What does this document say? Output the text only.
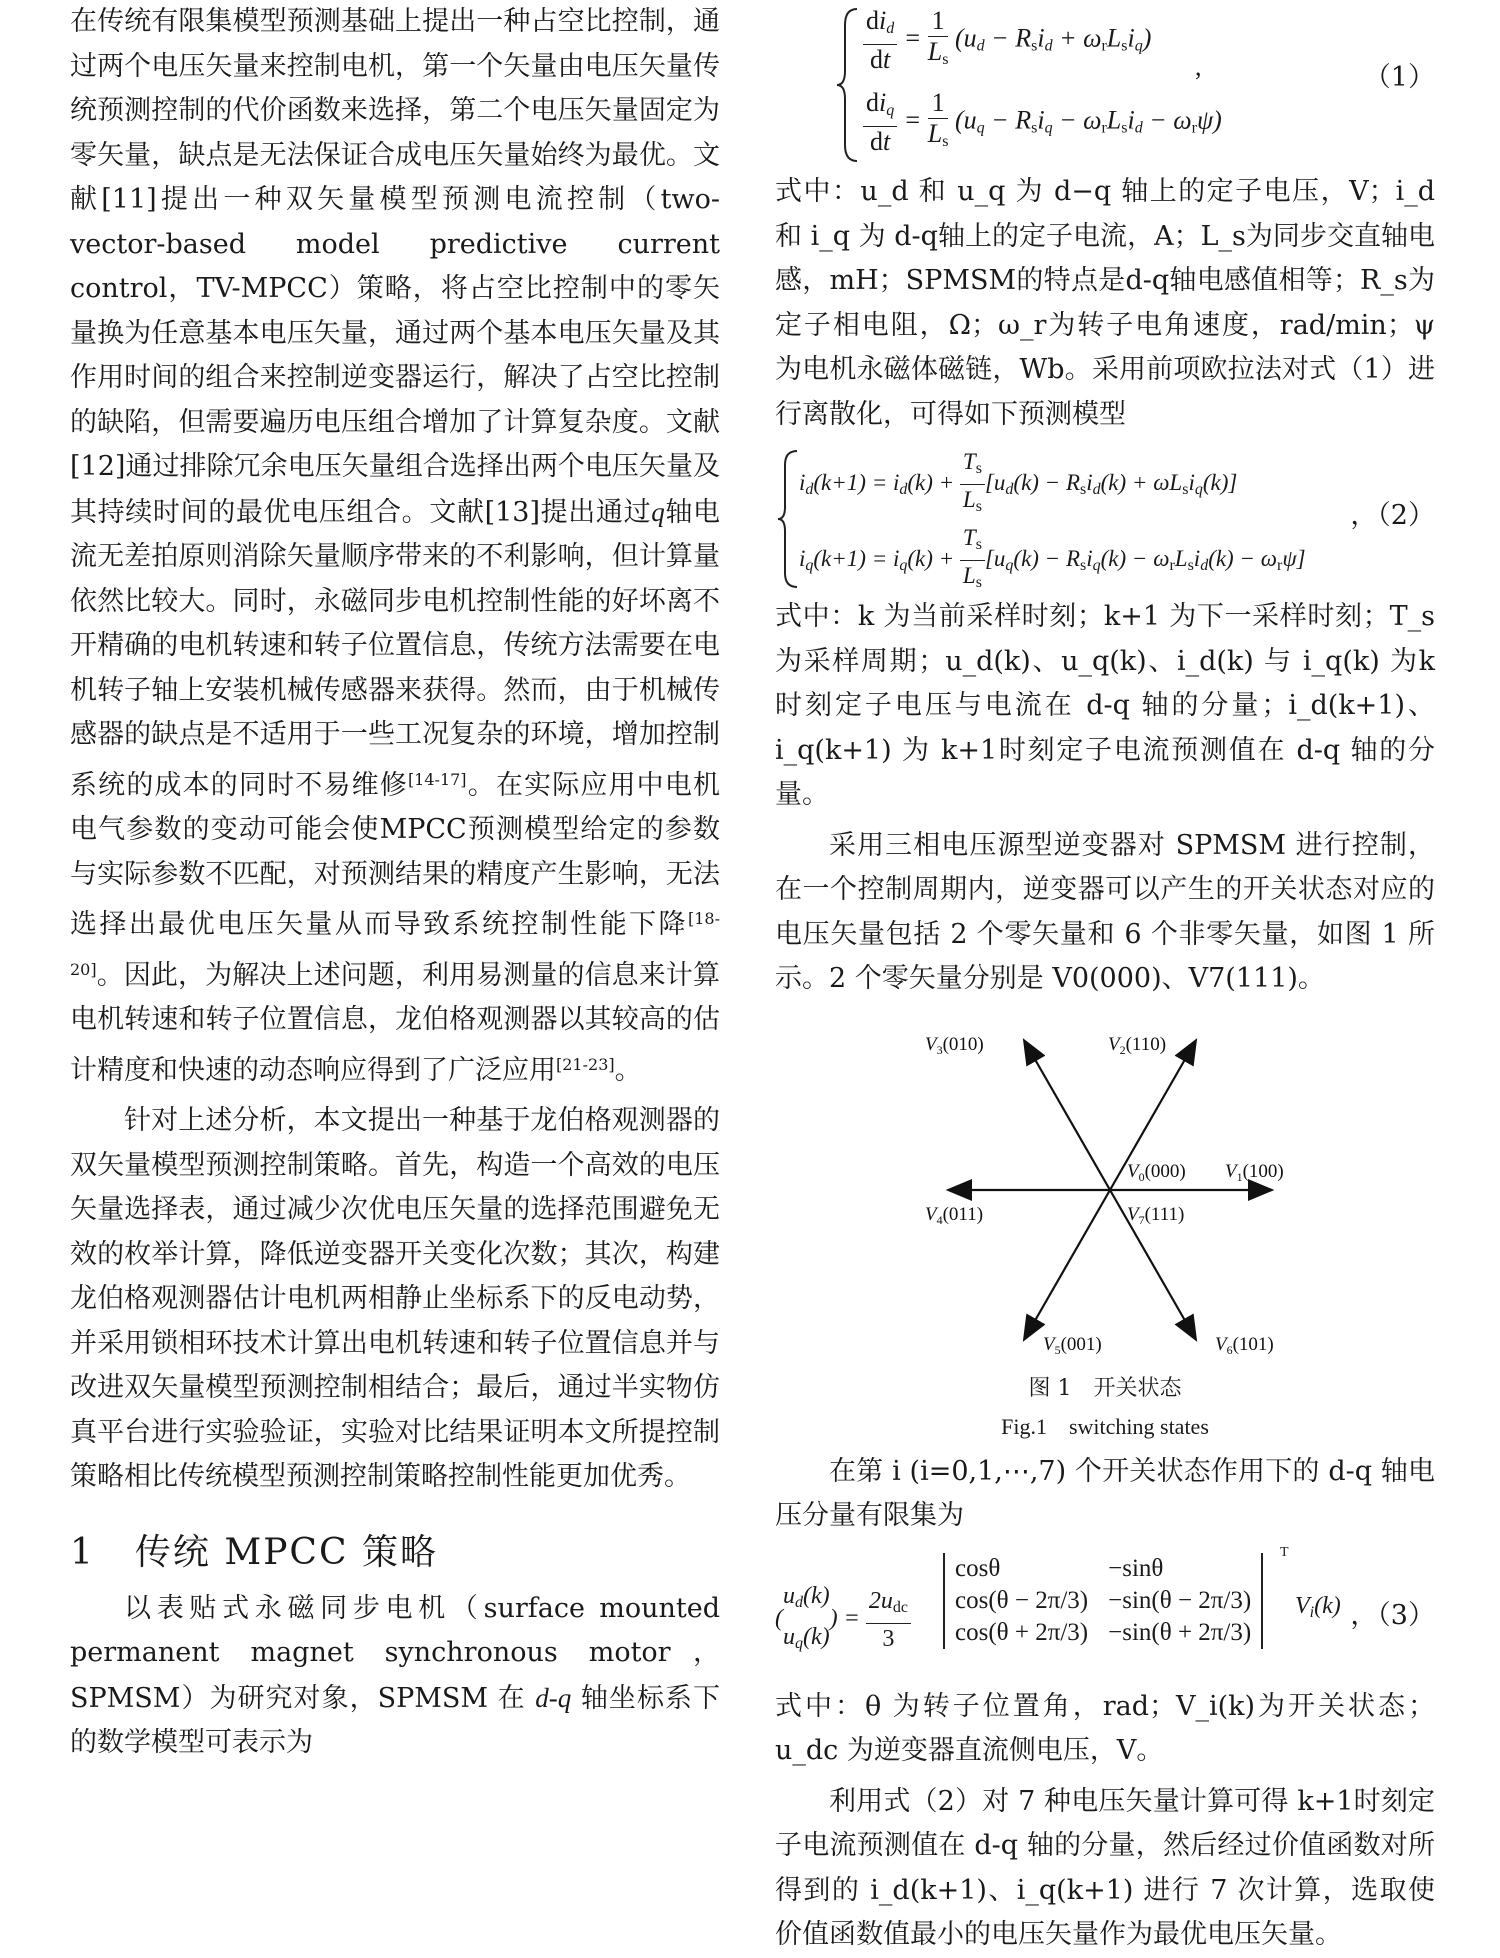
在传统有限集模型预测基础上提出一种占空比控制，通过两个电压矢量来控制电机，第一个矢量由电压矢量传统预测控制的代价函数来选择，第二个电压矢量固定为零矢量，缺点是无法保证合成电压矢量始终为最优。文献[11]提出一种双矢量模型预测电流控制（two-vector-based model predictive current control，TV-MPCC）策略，将占空比控制中的零矢量换为任意基本电压矢量，通过两个基本电压矢量及其作用时间的组合来控制逆变器运行，解决了占空比控制的缺陷，但需要遍历电压组合增加了计算复杂度。文献[12]通过排除冗余电压矢量组合选择出两个电压矢量及其持续时间的最优电压组合。文献[13]提出通过q轴电流无差拍原则消除矢量顺序带来的不利影响，但计算量依然比较大。同时，永磁同步电机控制性能的好坏离不开精确的电机转速和转子位置信息，传统方法需要在电机转子轴上安装机械传感器来获得。然而，由于机械传感器的缺点是不适用于一些工况复杂的环境，增加控制系统的成本的同时不易维修[14-17]。在实际应用中电机电气参数的变动可能会使MPCC预测模型给定的参数与实际参数不匹配，对预测结果的精度产生影响，无法选择出最优电压矢量从而导致系统控制性能下降[18-20]。因此，为解决上述问题，利用易测量的信息来计算电机转速和转子位置信息，龙伯格观测器以其较高的估计精度和快速的动态响应得到了广泛应用[21-23]。

针对上述分析，本文提出一种基于龙伯格观测器的双矢量模型预测控制策略。首先，构造一个高效的电压矢量选择表，通过减少次优电压矢量的选择范围避免无效的枚举计算，降低逆变器开关变化次数；其次，构建龙伯格观测器估计电机两相静止坐标系下的反电动势，并采用锁相环技术计算出电机转速和转子位置信息并与改进双矢量模型预测控制相结合；最后，通过半实物仿真平台进行实验验证，实验对比结果证明本文所提控制策略相比传统模型预测控制策略控制性能更加优秀。

1 传统 MPCC 策略

以表贴式永磁同步电机（surface mounted permanent magnet synchronous motor，SPMSM）为研究对象，SPMSM 在 d-q 轴坐标系下的数学模型可表示为

$\frac{di_d}{dt} = \frac{1}{L_s} (u_d - R_si_d + \omega_rL_si_q)$
$\frac{di_q}{dt} = \frac{1}{L_s} (u_q - R_si_q - \omega_rL_si_d - \omega_r\psi)$
,	（1）

式中：u_d 和 u_q 为 d−q 轴上的定子电压，V；i_d 和 i_q 为 d-q轴上的定子电流，A；L_s为同步交直轴电感，mH；SPMSM的特点是d-q轴电感值相等；R_s为定子相电阻，Ω；ω_r为转子电角速度，rad/min；ψ 为电机永磁体磁链，Wb。采用前项欧拉法对式（1）进行离散化，可得如下预测模型

$i_d(k+1) = i_d(k) + \frac{T_s}{L_s} [u_d(k) - R_si_d(k) + \omega L_si_q(k)]$
$i_q(k+1) = i_q(k) + \frac{T_s}{L_s} [u_q(k) - R_si_q(k) - \omega_rL_si_d(k) - \omega_r\psi]$
，（2）

式中：k 为当前采样时刻；k+1 为下一采样时刻；T_s 为采样周期；u_d(k)、u_q(k)、i_d(k) 与 i_q(k) 为k时刻定子电压与电流在 d-q 轴的分量；i_d(k+1)、i_q(k+1) 为 k+1时刻定子电流预测值在 d-q 轴的分量。

采用三相电压源型逆变器对 SPMSM 进行控制，在一个控制周期内，逆变器可以产生的开关状态对应的电压矢量包括 2 个零矢量和 6 个非零矢量，如图 1 所示。2 个零矢量分别是 V0(000)、V7(111)。

$V_3(010)$	$V_2(110)$
$V_0(000)$ $V_1(100)$
$V_4(011)$	$V_7(111)$
$V_5(001)$	$V_6(101)$
图 1　开关状态
Fig.1　switching states

在第 i (i=0,1,⋯,7) 个开关状态作用下的 d-q 轴电压分量有限集为

($u_d(k)$
$u_q(k)) = \frac{2u_{dc}}{3}$
cosθ	−sinθ
cos(θ − 2π/3)	−sin(θ − 2π/3)
cos(θ + 2π/3)	−sin(θ + 2π/3)
T
$V_i(k)$ ，（3）

式中：θ 为转子位置角，rad；V_i(k)为开关状态；u_dc 为逆变器直流侧电压，V。

利用式（2）对 7 种电压矢量计算可得 k+1时刻定子电流预测值在 d-q 轴的分量，然后经过价值函数对所得到的 i_d(k+1)、i_q(k+1) 进行 7 次计算，选取使价值函数值最小的电压矢量作为最优电压矢量。
